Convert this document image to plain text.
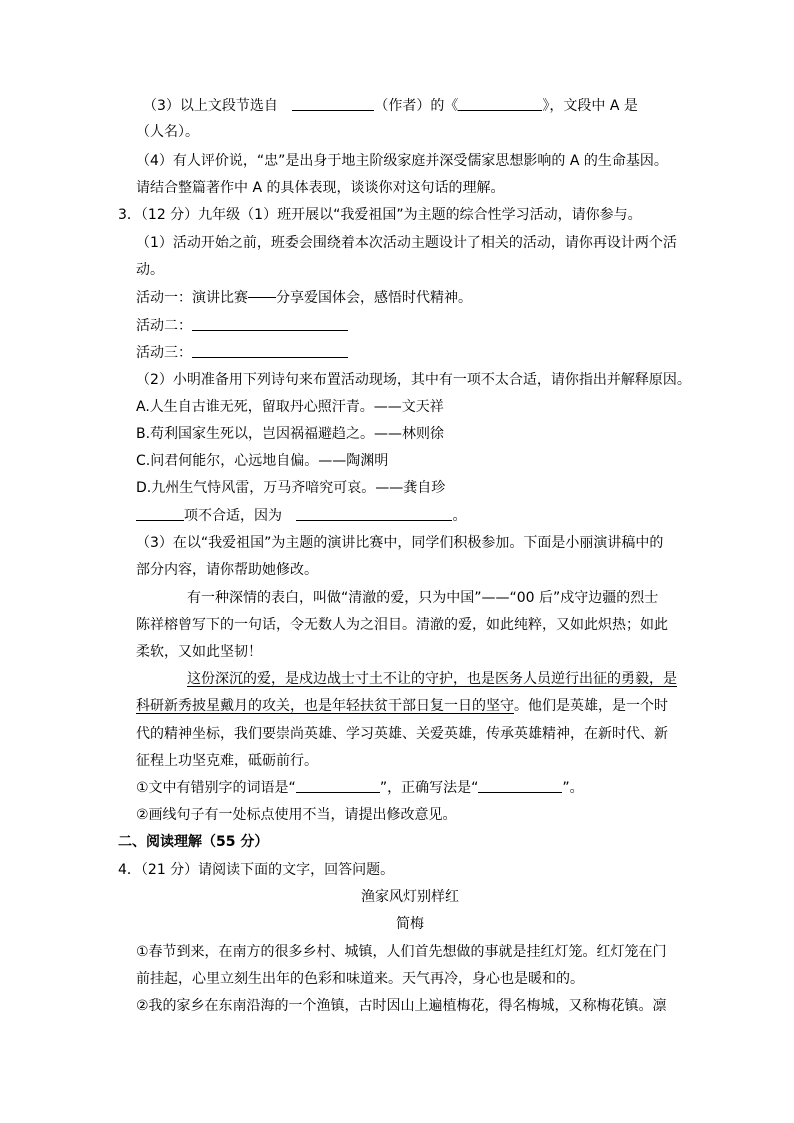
（3）以上文段节选自	（作者）的《	》，文段中 A 是
（人名）。
（4）有人评价说，“忠”是出身于地主阶级家庭并深受儒家思想影响的 A 的生命基因。
请结合整篇著作中 A 的具体表现，谈谈你对这句话的理解。
3．（12 分）九年级（1）班开展以“我爱祖国”为主题的综合性学习活动，请你参与。
（1）活动开始之前，班委会围绕着本次活动主题设计了相关的活动，请你再设计两个活
动。
活动一：演讲比赛 分享爱国体会，感悟时代精神。
活动二：
活动三：
（2）小明准备用下列诗句来布置活动现场，其中有一项不太合适，请你指出并解释原因。
A.人生自古谁无死，留取丹心照汗青。——文天祥
B.苟利国家生死以，岂因祸福避趋之。——林则徐
C.问君何能尔，心远地自偏。——陶渊明
D.九州生气恃风雷，万马齐喑究可哀。——龚自珍
项不合适，因为	。
（3）在以“我爱祖国”为主题的演讲比赛中，同学们积极参加。下面是小丽演讲稿中的
部分内容，请你帮助她修改。
有一种深情的表白，叫做“清澈的爱，只为中国”——“00 后”戍守边疆的烈士
陈祥榕曾写下的一句话，令无数人为之泪目。清澈的爱，如此纯粹，又如此炽热；如此
柔软，又如此坚韧！
这份深沉的爱，是戍边战士寸土不让的守护，也是医务人员逆行出征的勇毅，是
科研新秀披星戴月的攻关，也是年轻扶贫干部日复一日的坚守。他们是英雄，是一个时
代的精神坐标，我们要崇尚英雄、学习英雄、关爱英雄，传承英雄精神，在新时代、新
征程上功坚克难，砥砺前行。
①文中有错别字的词语是“	”，正确写法是“	”。
②画线句子有一处标点使用不当，请提出修改意见。
二、阅读理解（55 分）
4．（21 分）请阅读下面的文字，回答问题。
渔家风灯别样红
简梅
①春节到来，在南方的很多乡村、城镇，人们首先想做的事就是挂红灯笼。红灯笼在门
前挂起，心里立刻生出年的色彩和味道来。天气再冷，身心也是暖和的。
②我的家乡在东南沿海的一个渔镇，古时因山上遍植梅花，得名梅城，又称梅花镇。凛
